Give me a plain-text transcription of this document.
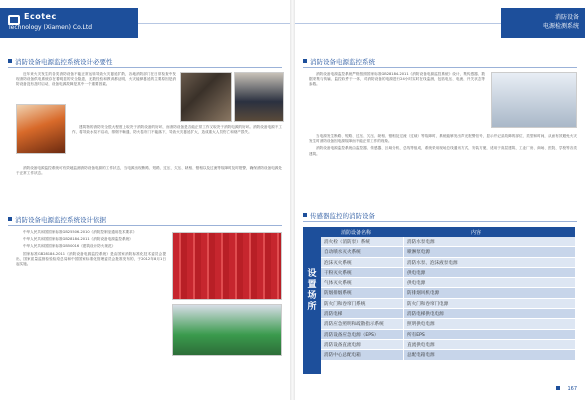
Ecotec
Technology (Xiamen) Co.Ltd
消防设备电源监控系统设计必要性

近年来火灾发生的各类消防设备不能正常运转导致火灾蔓延扩散，各地消防部门在日常检查中发现消防设备供电系统存在着明显的安全隐患，无数经验和教训都证明，火灾能够蔓延的主要原因是消防设备没有及时启动，设备电源故障是其中一个重要因素。

建筑物的消防安全很大程度上取决于消防设备的好坏，而消防设备是否能正常工作又取决于消防电源的好坏。消防设备电源不工作，将导致水泵不启动，排烟不畅通，防火卷帘门不能落下，导致火灾蔓延扩大，造成重大人员伤亡和财产损失。

消防设备电源监控系统可有效地监测消防设备电源的工作状态，当电源出现断路、短路、过压、欠压、缺相、错相以及过流等故障时及时报警，确保消防设备电源处于正常工作状态。

消防设备电源监控系统设计依据

中华人民共和国国家标准GB25506-2010《消防控制室通用技术要求》

中华人民共和国国家标准GB28184-2011《消防设备电源监控系统》

中华人民共和国国家标准GB50016《建筑设计防火规范》

国家标准GB28184-2011《消防设备电源监控系统》是由国家消防标准化技术委员会提出，国家质量监督检验检疫总局和中国国家标准化管理委员会批准发布的，于2012年8月1日起实施。

消防设备
电源检测系统
消防设备电源监控系统

消防设备电源监控系统严格按照国家标准GB28184-2011《消防设备电源监控系统》设计，集传感器、数据采集与传输、监控软件于一体，对消防设备的电源进行24小时实时在线监测，包括电压、电流、开关状态等参数。

当电源发生断路、短路、过压、欠压、缺相、错相及过流（过载）等故障时，系统能够发出声光报警信号，显示并记录故障的部位、类型和时间，从而有效避免火灾发生时消防设备因电源故障而不能正常工作的现象。

消防设备电源监控系统由监控器、传感器、区域分机、总线等组成，系统采用现场总线通讯方式，安装方便，适用于高层建筑、工业厂房、商场、医院、学校等各类建筑。

传感器监控的消防设备
167
设置场所
消防设备名称	内容
消火栓（消防泵）系统	消防水泵电源
自动喷水灭火系统	喷淋泵电源
泡沫灭火系统	消防水泵、泡沫液泵电源
干粉灭火系统	供电电源
气体灭火系统	供电电源
防烟排烟系统	防排烟风机电源
防火门和卷帘门系统	防火门和卷帘门电源
消防电梯	消防电梯供电电源
消防应急照明和疏散指示系统	照明供电电源
消防设备应急电源（EPS）	所有EPS
消防设备直流电源	直流供电电源
消防中心总配电箱	总配电箱电源
